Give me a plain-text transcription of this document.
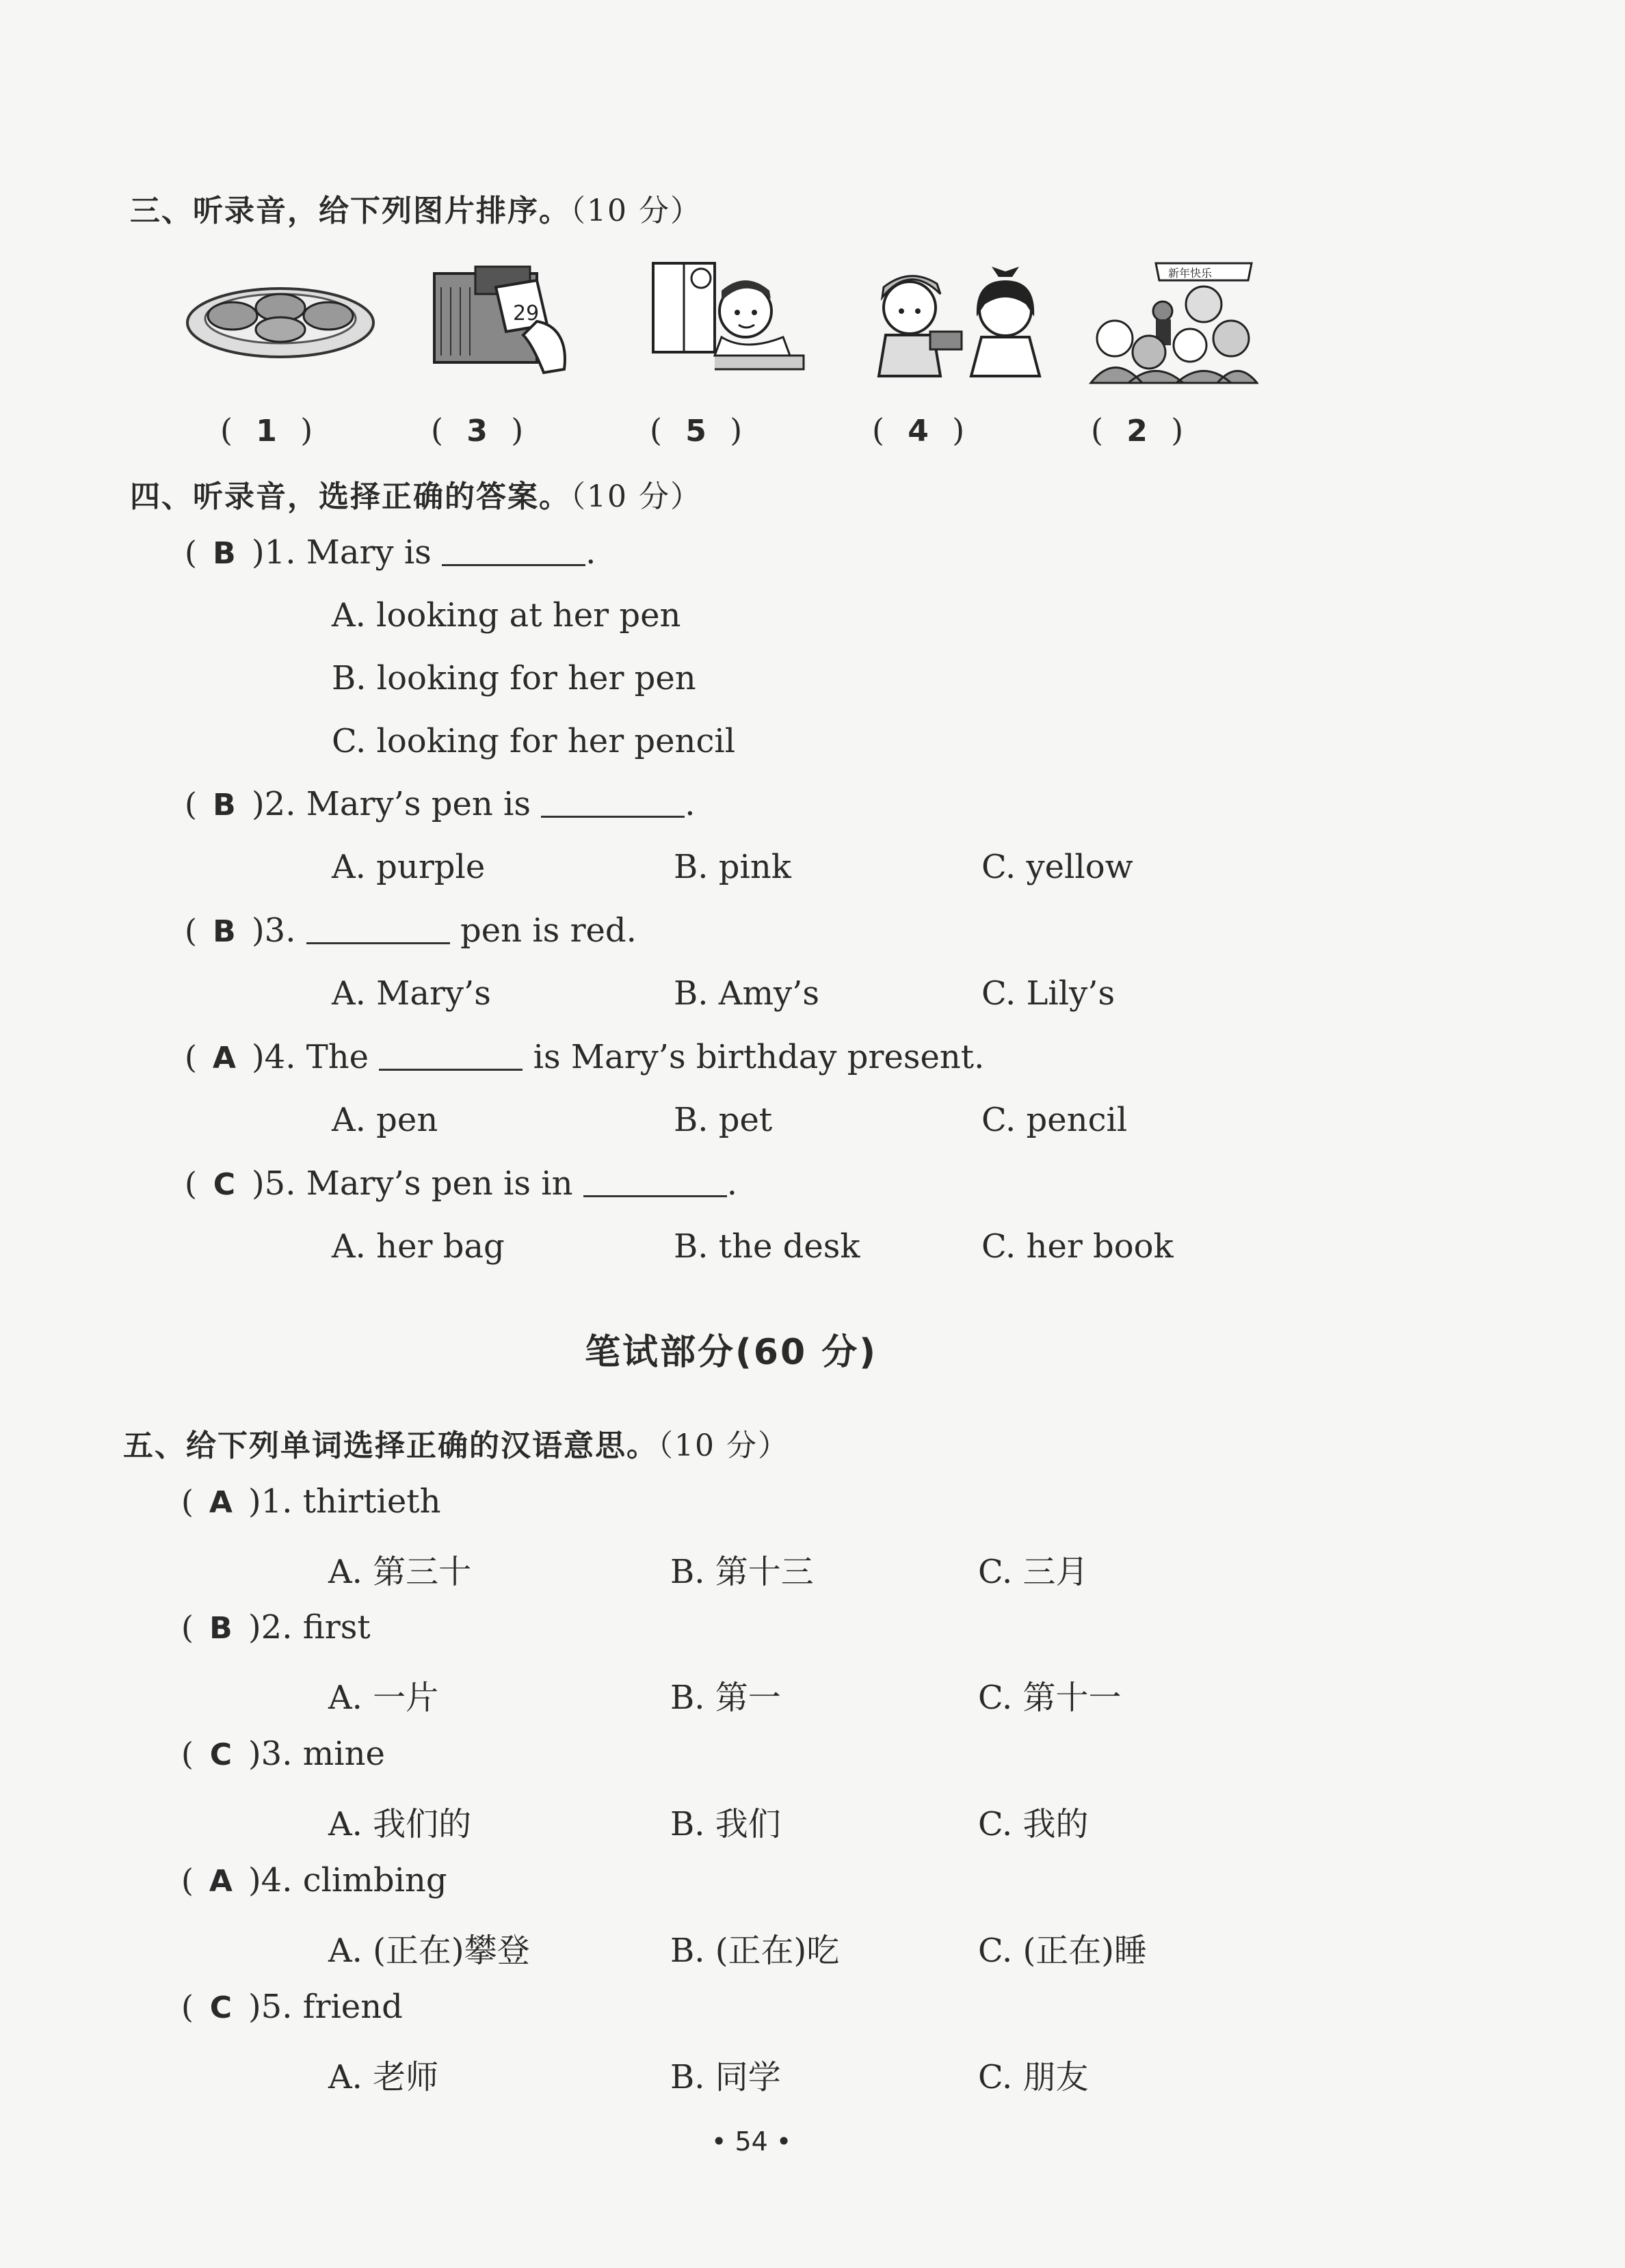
三、听录音，给下列图片排序。（10 分）
29
新年快乐
( 1 )	( 3 )	( 5 )	( 4 )	( 2 )
四、听录音，选择正确的答案。（10 分）
( B )1. Mary is	.
A. looking at her pen
B. looking for her pen
C. looking for her pencil
( B )2. Mary’s pen is	.
A. purple	B. pink	C. yellow
( B )3.	pen is red.
A. Mary’s	B. Amy’s	C. Lily’s
( A )4. The	is Mary’s birthday present.
A. pen	B. pet	C. pencil
( C )5. Mary’s pen is in	.
A. her bag	B. the desk	C. her book
笔试部分(60 分)
五、给下列单词选择正确的汉语意思。（10 分）
( A )1. thirtieth
A. 第三十	B. 第十三	C. 三月
( B )2. first
A. 一片	B. 第一	C. 第十一
( C )3. mine
A. 我们的	B. 我们	C. 我的
( A )4. climbing
A. (正在)攀登	B. (正在)吃	C. (正在)睡
( C )5. friend
A. 老师	B. 同学	C. 朋友
• 54 •
